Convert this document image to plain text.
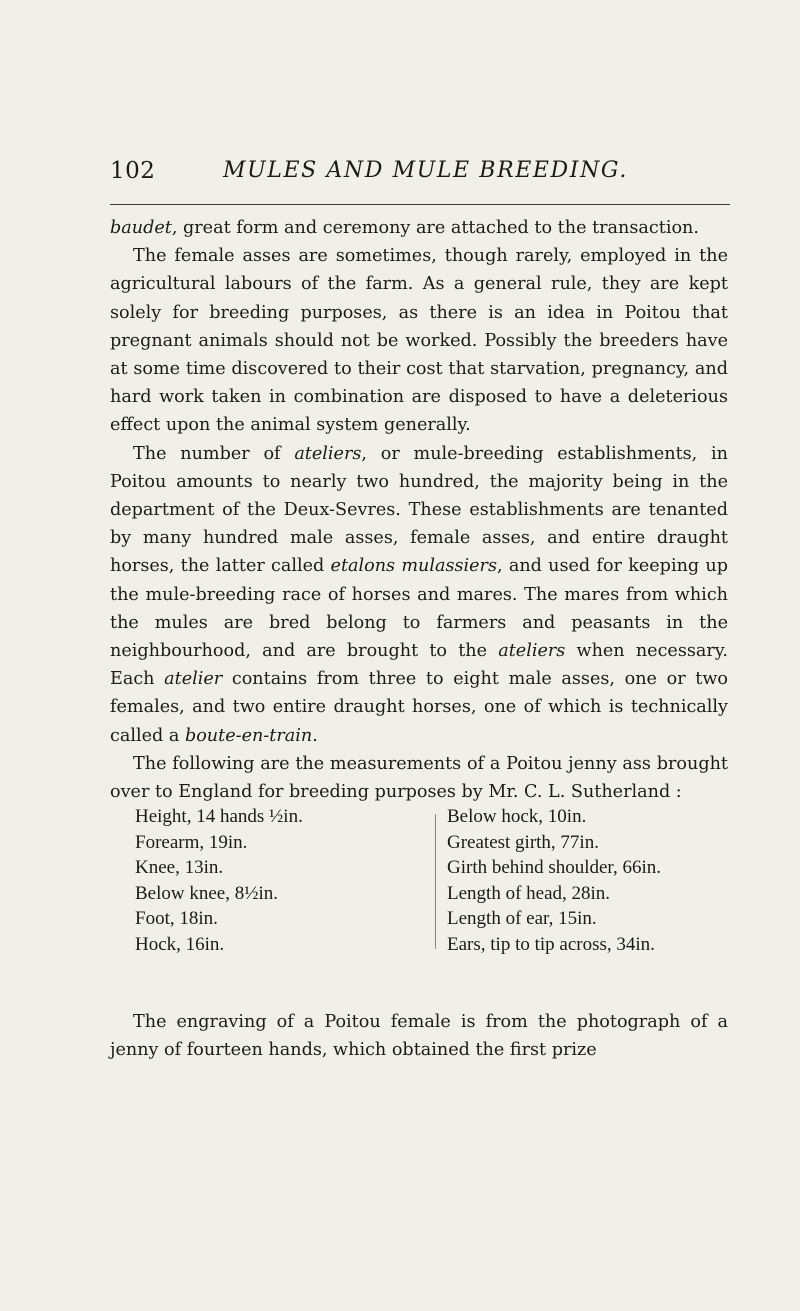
102	MULES AND MULE BREEDING.

baudet, great form and ceremony are attached to the transaction.

The female asses are sometimes, though rarely, employed in the agricultural labours of the farm. As a general rule, they are kept solely for breeding purposes, as there is an idea in Poitou that pregnant animals should not be worked. Possibly the breeders have at some time discovered to their cost that starvation, pregnancy, and hard work taken in combination are disposed to have a deleterious effect upon the animal system generally.

The number of ateliers, or mule-breeding establishments, in Poitou amounts to nearly two hundred, the majority being in the department of the Deux-Sevres. These establishments are tenanted by many hundred male asses, female asses, and entire draught horses, the latter called etalons mulassiers, and used for keeping up the mule-breeding race of horses and mares. The mares from which the mules are bred belong to farmers and peasants in the neighbourhood, and are brought to the ateliers when necessary. Each atelier contains from three to eight male asses, one or two females, and two entire draught horses, one of which is technically called a boute-en-train.

The following are the measurements of a Poitou jenny ass brought over to England for breeding purposes by Mr. C. L. Sutherland :

Height, 14 hands ½in.
Forearm, 19in.
Knee, 13in.
Below knee, 8½in.
Foot, 18in.
Hock, 16in.
Below hock, 10in.
Greatest girth, 77in.
Girth behind shoulder, 66in.
Length of head, 28in.
Length of ear, 15in.
Ears, tip to tip across, 34in.

The engraving of a Poitou female is from the photograph of a jenny of fourteen hands, which obtained the first prize
